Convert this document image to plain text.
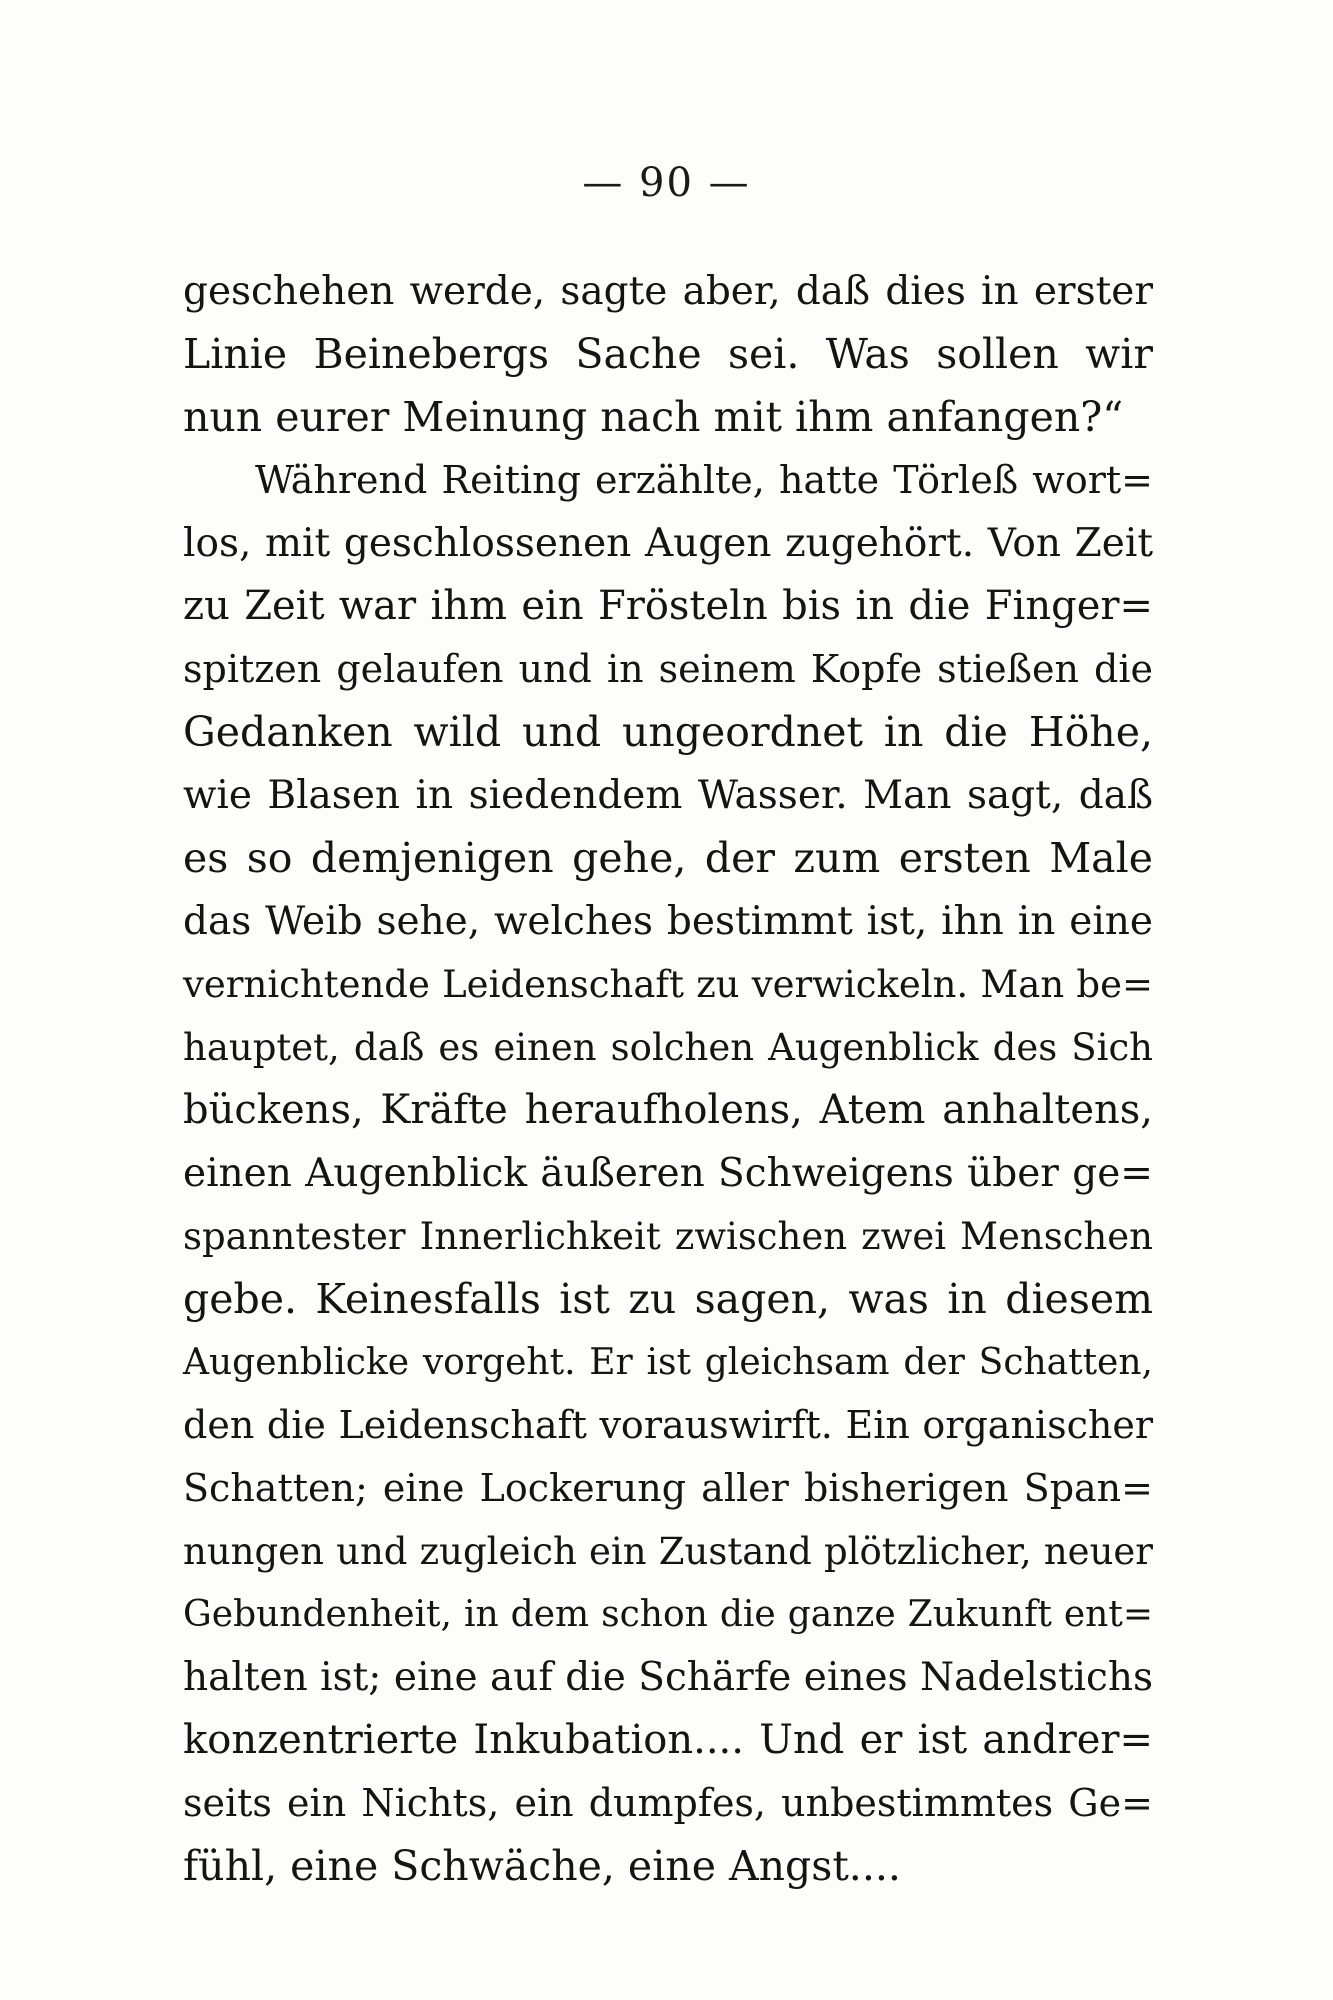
— 90 —
geschehen werde, sagte aber, daß dies in erster
Linie Beinebergs Sache sei. Was sollen wir
nun eurer Meinung nach mit ihm anfangen?“
Während Reiting erzählte, hatte Törleß wort=
los, mit geschlossenen Augen zugehört. Von Zeit
zu Zeit war ihm ein Frösteln bis in die Finger=
spitzen gelaufen und in seinem Kopfe stießen die
Gedanken wild und ungeordnet in die Höhe,
wie Blasen in siedendem Wasser. Man sagt, daß
es so demjenigen gehe, der zum ersten Male
das Weib sehe, welches bestimmt ist, ihn in eine
vernichtende Leidenschaft zu verwickeln. Man be=
hauptet, daß es einen solchen Augenblick des Sich
bückens, Kräfte heraufholens, Atem anhaltens,
einen Augenblick äußeren Schweigens über ge=
spanntester Innerlichkeit zwischen zwei Menschen
gebe. Keinesfalls ist zu sagen, was in diesem
Augenblicke vorgeht. Er ist gleichsam der Schatten,
den die Leidenschaft vorauswirft. Ein organischer
Schatten; eine Lockerung aller bisherigen Span=
nungen und zugleich ein Zustand plötzlicher, neuer
Gebundenheit, in dem schon die ganze Zukunft ent=
halten ist; eine auf die Schärfe eines Nadelstichs
konzentrierte Inkubation.... Und er ist andrer=
seits ein Nichts, ein dumpfes, unbestimmtes Ge=
fühl, eine Schwäche, eine Angst....
